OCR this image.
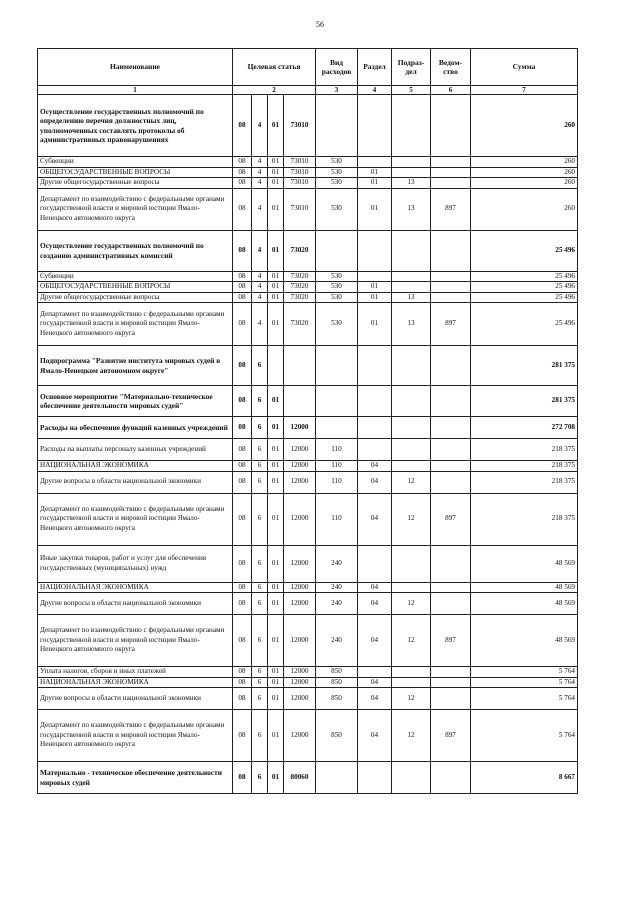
56
Наименование	Целевая статья				Вид расходов	Раздел	Подраз-дел	Ведом-ство	Сумма
1	2				3	4	5	6	7
Осуществление государственных полномочий по определению перечня должностных лиц, уполномоченных составлять протоколы об административных правонарушениях	08	4	01	73010					260
Субвенции	08	4	01	73010	530				260
ОБЩЕГОСУДАРСТВЕННЫЕ ВОПРОСЫ	08	4	01	73010	530	01			260
Другие общегосударственные вопросы	08	4	01	73010	530	01	13		260
Департамент по взаимодействию с федеральными органами государственной власти и мировой юстиции Ямало-Ненецкого автономного округа	08	4	01	73010	530	01	13	897	260
Осуществление государственных полномочий по созданию административных комиссий	08	4	01	73020					25 496
Субвенции	08	4	01	73020	530				25 496
ОБЩЕГОСУДАРСТВЕННЫЕ ВОПРОСЫ	08	4	01	73020	530	01			25 496
Другие общегосударственные вопросы	08	4	01	73020	530	01	13		25 496
Департамент по взаимодействию с федеральными органами государственной власти и мировой юстиции Ямало-Ненецкого автономного округа	08	4	01	73020	530	01	13	897	25 496
Подпрограмма "Развитие института мировых судей в Ямало-Ненецком автономном округе"	08	6							281 375
Основное мероприятие "Материально-техническое обеспечение деятельности мировых судей"	08	6	01						281 375
Расходы на обеспечение функций казенных учреждений	08	6	01	12000					272 708
Расходы на выплаты персоналу казенных учреждений	08	6	01	12000	110				218 375
НАЦИОНАЛЬНАЯ ЭКОНОМИКА	08	6	01	12000	110	04			218 375
Другие вопросы в области национальной экономики	08	6	01	12000	110	04	12		218 375
Департамент по взаимодействию с федеральными органами государственной власти и мировой юстиции Ямало-Ненецкого автономного округа	08	6	01	12000	110	04	12	897	218 375
Иные закупки товаров, работ и услуг для обеспечения государственных (муниципальных) нужд	08	6	01	12000	240				48 569
НАЦИОНАЛЬНАЯ ЭКОНОМИКА	08	6	01	12000	240	04			48 569
Другие вопросы в области национальной экономики	08	6	01	12000	240	04	12		48 569
Департамент по взаимодействию с федеральными органами государственной власти и мировой юстиции Ямало-Ненецкого автономного округа	08	6	01	12000	240	04	12	897	48 569
Уплата налогов, сборов и иных платежей	08	6	01	12000	850				5 764
НАЦИОНАЛЬНАЯ ЭКОНОМИКА	08	6	01	12000	850	04			5 764
Другие вопросы в области национальной экономики	08	6	01	12000	850	04	12		5 764
Департамент по взаимодействию с федеральными органами государственной власти и мировой юстиции Ямало-Ненецкого автономного округа	08	6	01	12000	850	04	12	897	5 764
Материально - техническое обеспечение деятельности мировых судей	08	6	01	80060					8 667
